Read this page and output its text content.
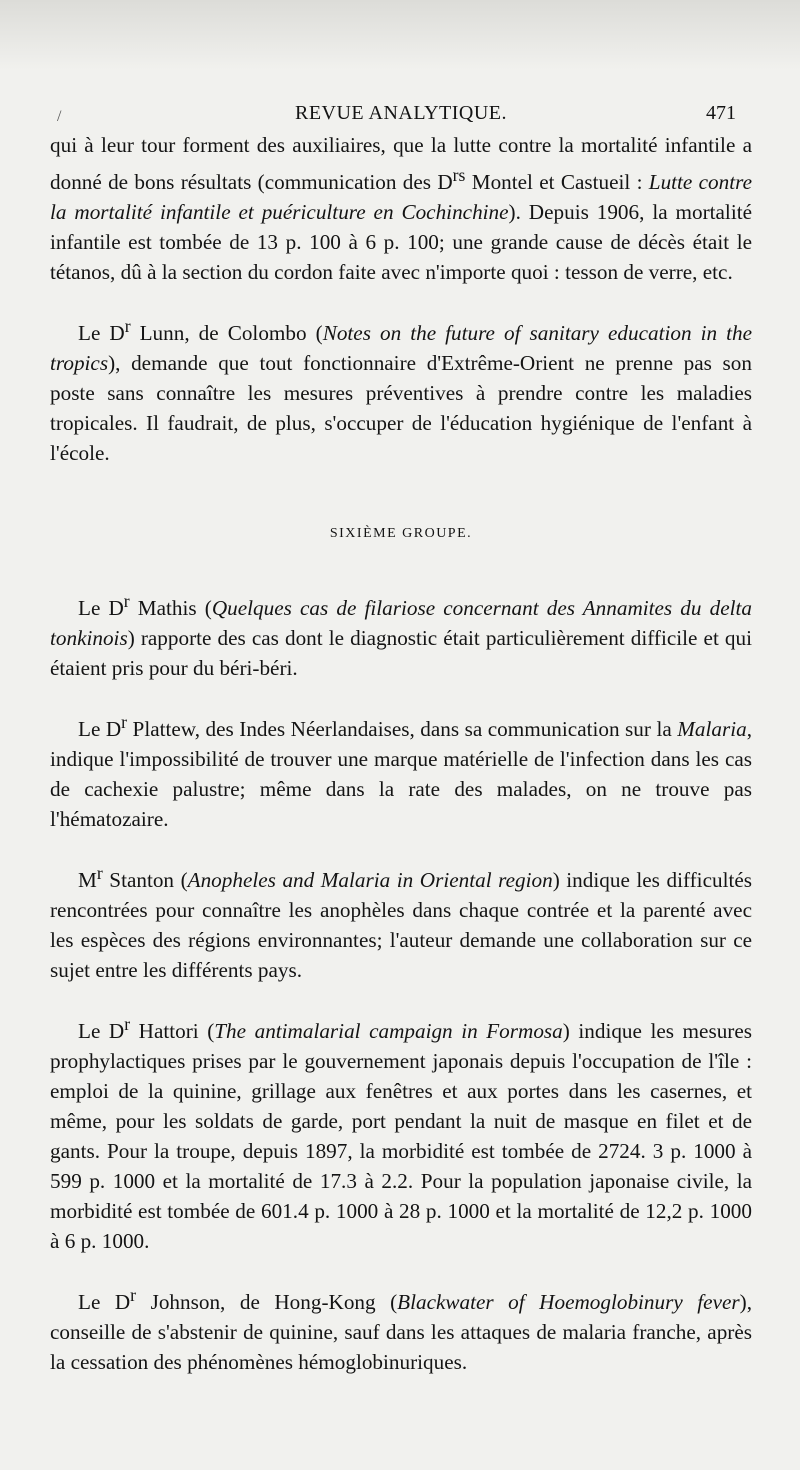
/	REVUE ANALYTIQUE.	471

qui à leur tour forment des auxiliaires, que la lutte contre la mortalité infantile a donné de bons résultats (communication des $D^{rs}$ Montel et Castueil : Lutte contre la mortalité infantile et puériculture en Cochinchine). Depuis 1906, la mortalité infantile est tombée de 13 p. 100 à 6 p. 100; une grande cause de décès était le tétanos, dû à la section du cordon faite avec n'importe quoi : tesson de verre, etc.

Le $D^r$ Lunn, de Colombo (Notes on the future of sanitary education in the tropics), demande que tout fonctionnaire d'Extrême-Orient ne prenne pas son poste sans connaître les mesures préventives à prendre contre les maladies tropicales. Il faudrait, de plus, s'occuper de l'éducation hygiénique de l'enfant à l'école.

SIXIÈME GROUPE.

Le $D^r$ Mathis (Quelques cas de filariose concernant des Annamites du delta tonkinois) rapporte des cas dont le diagnostic était particulièrement difficile et qui étaient pris pour du béri-béri.

Le $D^r$ Plattew, des Indes Néerlandaises, dans sa communication sur la Malaria, indique l'impossibilité de trouver une marque matérielle de l'infection dans les cas de cachexie palustre; même dans la rate des malades, on ne trouve pas l'hématozaire.

$M^r$ Stanton (Anopheles and Malaria in Oriental region) indique les difficultés rencontrées pour connaître les anophèles dans chaque contrée et la parenté avec les espèces des régions environnantes; l'auteur demande une collaboration sur ce sujet entre les différents pays.

Le $D^r$ Hattori (The antimalarial campaign in Formosa) indique les mesures prophylactiques prises par le gouvernement japonais depuis l'occupation de l'île : emploi de la quinine, grillage aux fenêtres et aux portes dans les casernes, et même, pour les soldats de garde, port pendant la nuit de masque en filet et de gants. Pour la troupe, depuis 1897, la morbidité est tombée de 2724. 3 p. 1000 à 599 p. 1000 et la mortalité de 17.3 à 2.2. Pour la population japonaise civile, la morbidité est tombée de 601.4 p. 1000 à 28 p. 1000 et la mortalité de 12,2 p. 1000 à 6 p. 1000.

Le $D^r$ Johnson, de Hong-Kong (Blackwater of Hoemoglobinury fever), conseille de s'abstenir de quinine, sauf dans les attaques de malaria franche, après la cessation des phénomènes hémoglobinuriques.
